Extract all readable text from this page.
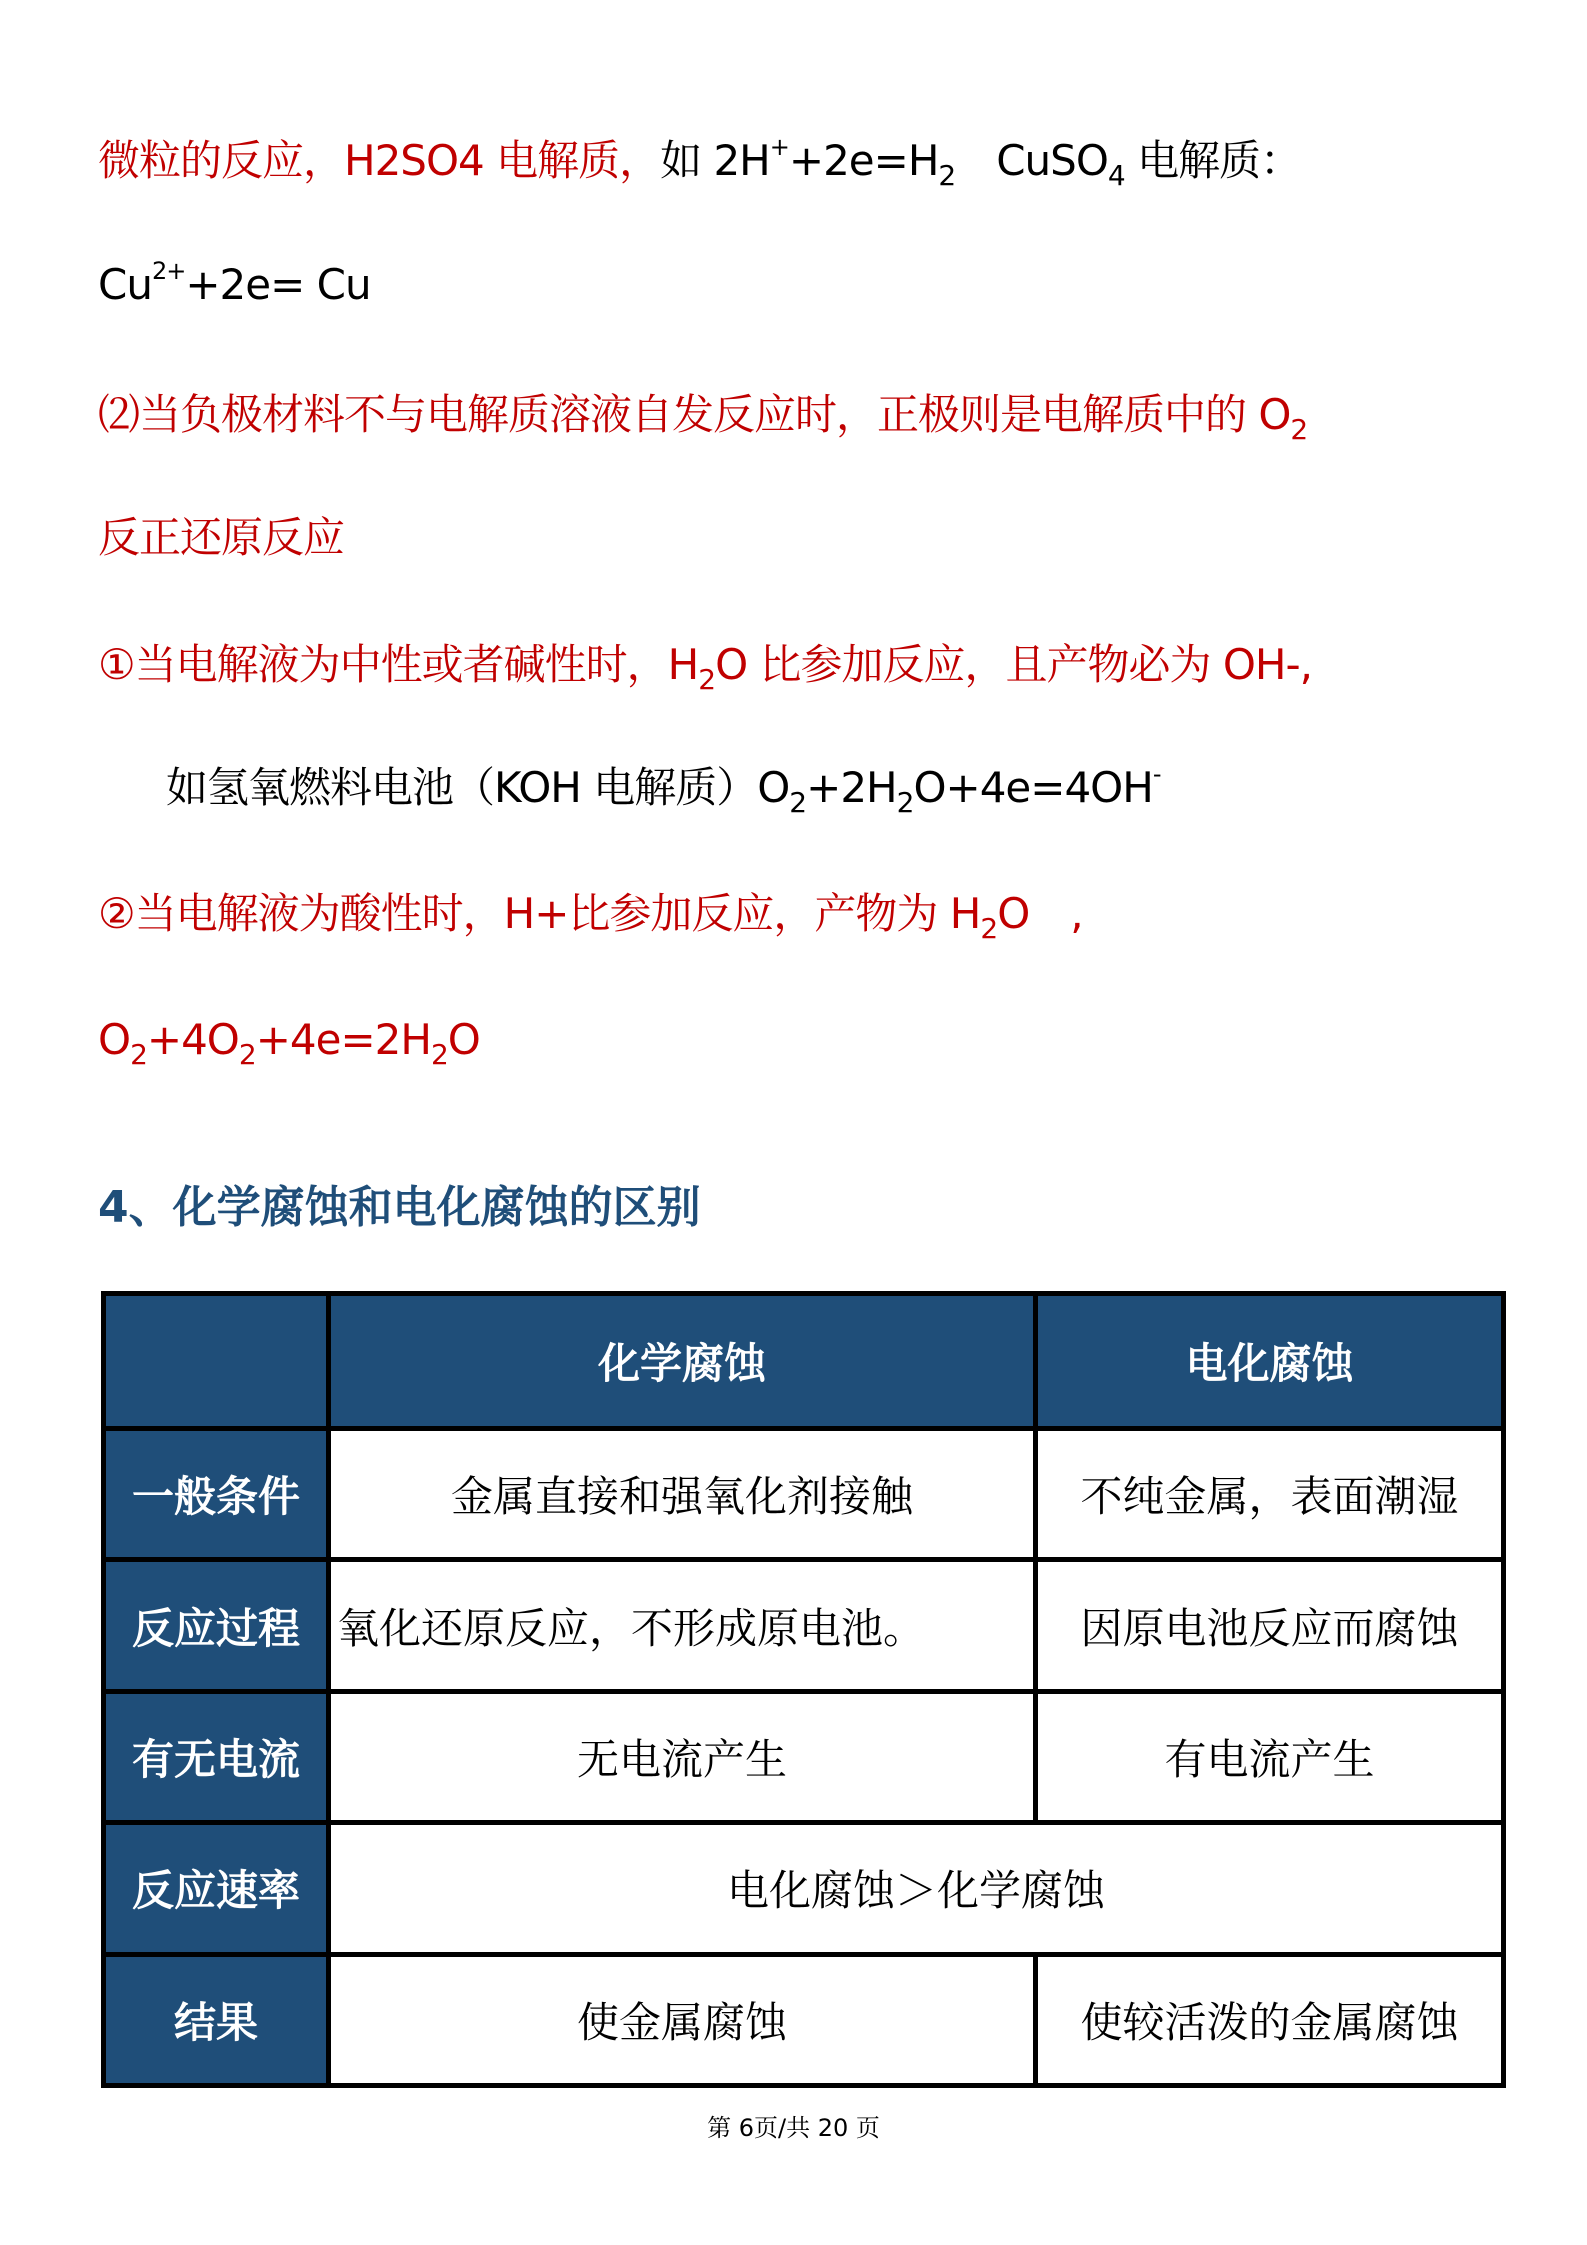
微粒的反应，H2SO4 电解质，如 $2H^++2e=H_2$　CuSO$_4$ 电解质：
$Cu^{2+}+2e= Cu$
⑵当负极材料不与电解质溶液自发反应时，正极则是电解质中的 $O_2$
反正还原反应
①当电解液为中性或者碱性时，$H_2O$ 比参加反应，且产物必为 OH-,
如氢氧燃料电池（KOH 电解质）$O_2+2H_2O+4e=4OH^-$
②当电解液为酸性时，H+比参加反应，产物为 $H_2O$　,
$O_2+4O_2+4e=2H_2O$
4、化学腐蚀和电化腐蚀的区别
	化学腐蚀	电化腐蚀
一般条件	金属直接和强氧化剂接触	不纯金属，表面潮湿
反应过程	氧化还原反应，不形成原电池。	因原电池反应而腐蚀
有无电流	无电流产生	有电流产生
反应速率	电化腐蚀＞化学腐蚀	
结果	使金属腐蚀	使较活泼的金属腐蚀
第 6页/共 20 页
